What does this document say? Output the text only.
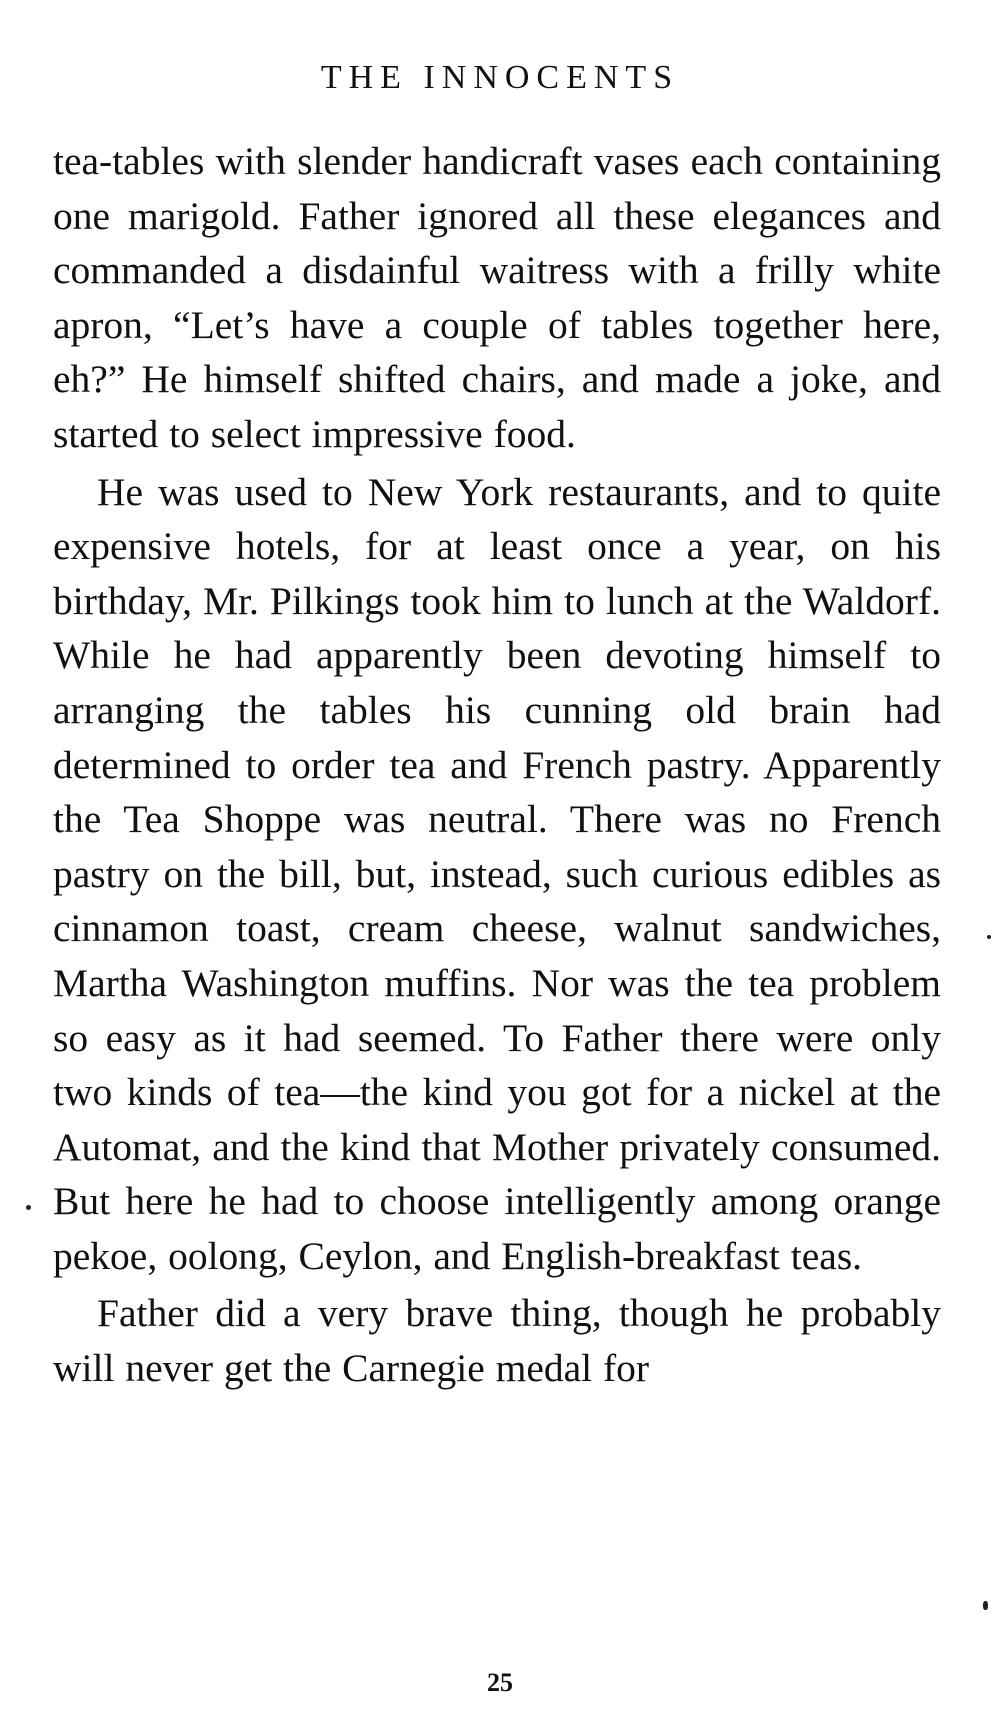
THE INNOCENTS

tea-tables with slender handicraft vases each containing one marigold. Father ignored all these elegances and commanded a disdainful waitress with a frilly white apron, “Let’s have a couple of tables together here, eh?” He himself shifted chairs, and made a joke, and started to select impressive food.

He was used to New York restaurants, and to quite expensive hotels, for at least once a year, on his birthday, Mr. Pilkings took him to lunch at the Waldorf. While he had apparently been devoting himself to arranging the tables his cunning old brain had determined to order tea and French pastry. Apparently the Tea Shoppe was neutral. There was no French pastry on the bill, but, instead, such curious edibles as cinnamon toast, cream cheese, walnut sandwiches, Martha Washington muffins. Nor was the tea problem so easy as it had seemed. To Father there were only two kinds of tea—the kind you got for a nickel at the Automat, and the kind that Mother privately consumed. But here he had to choose intelligently among orange pekoe, oolong, Ceylon, and English-breakfast teas.

Father did a very brave thing, though he probably will never get the Carnegie medal for

25
